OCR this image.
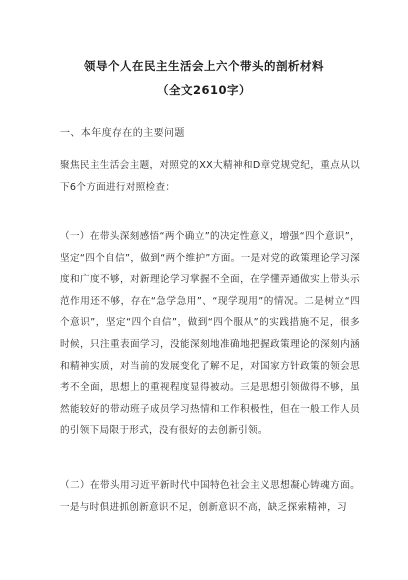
领导个人在民主生活会上六个带头的剖析材料
（全文2610字）
一、本年度存在的主要问题
聚焦民主生活会主题，对照党的XX大精神和D章党规党纪，重点从以下6个方面进行对照检查：
（一）在带头深刻感悟“两个确立”的决定性意义，增强“四个意识”，坚定“四个自信”，做到“两个维护”方面。一是对党的政策理论学习深度和广度不够，对新理论学习掌握不全面，在学懂弄通做实上带头示范作用还不够，存在“急学急用”、“现学现用”的情况。二是树立“四个意识”，坚定“四个自信”，做到“四个服从”的实践措施不足，很多时候，只注重表面学习，没能深刻地准确地把握政策理论的深刻内涵和精神实质，对当前的发展变化了解不足，对国家方针政策的领会思考不全面，思想上的重视程度显得被动。三是思想引领做得不够，虽然能较好的带动班子成员学习热情和工作积极性，但在一般工作人员的引领下局限于形式，没有很好的去创新引领。
（二）在带头用习近平新时代中国特色社会主义思想凝心铸魂方面。一是与时俱进抓创新意识不足，创新意识不高，缺乏探索精神，习
